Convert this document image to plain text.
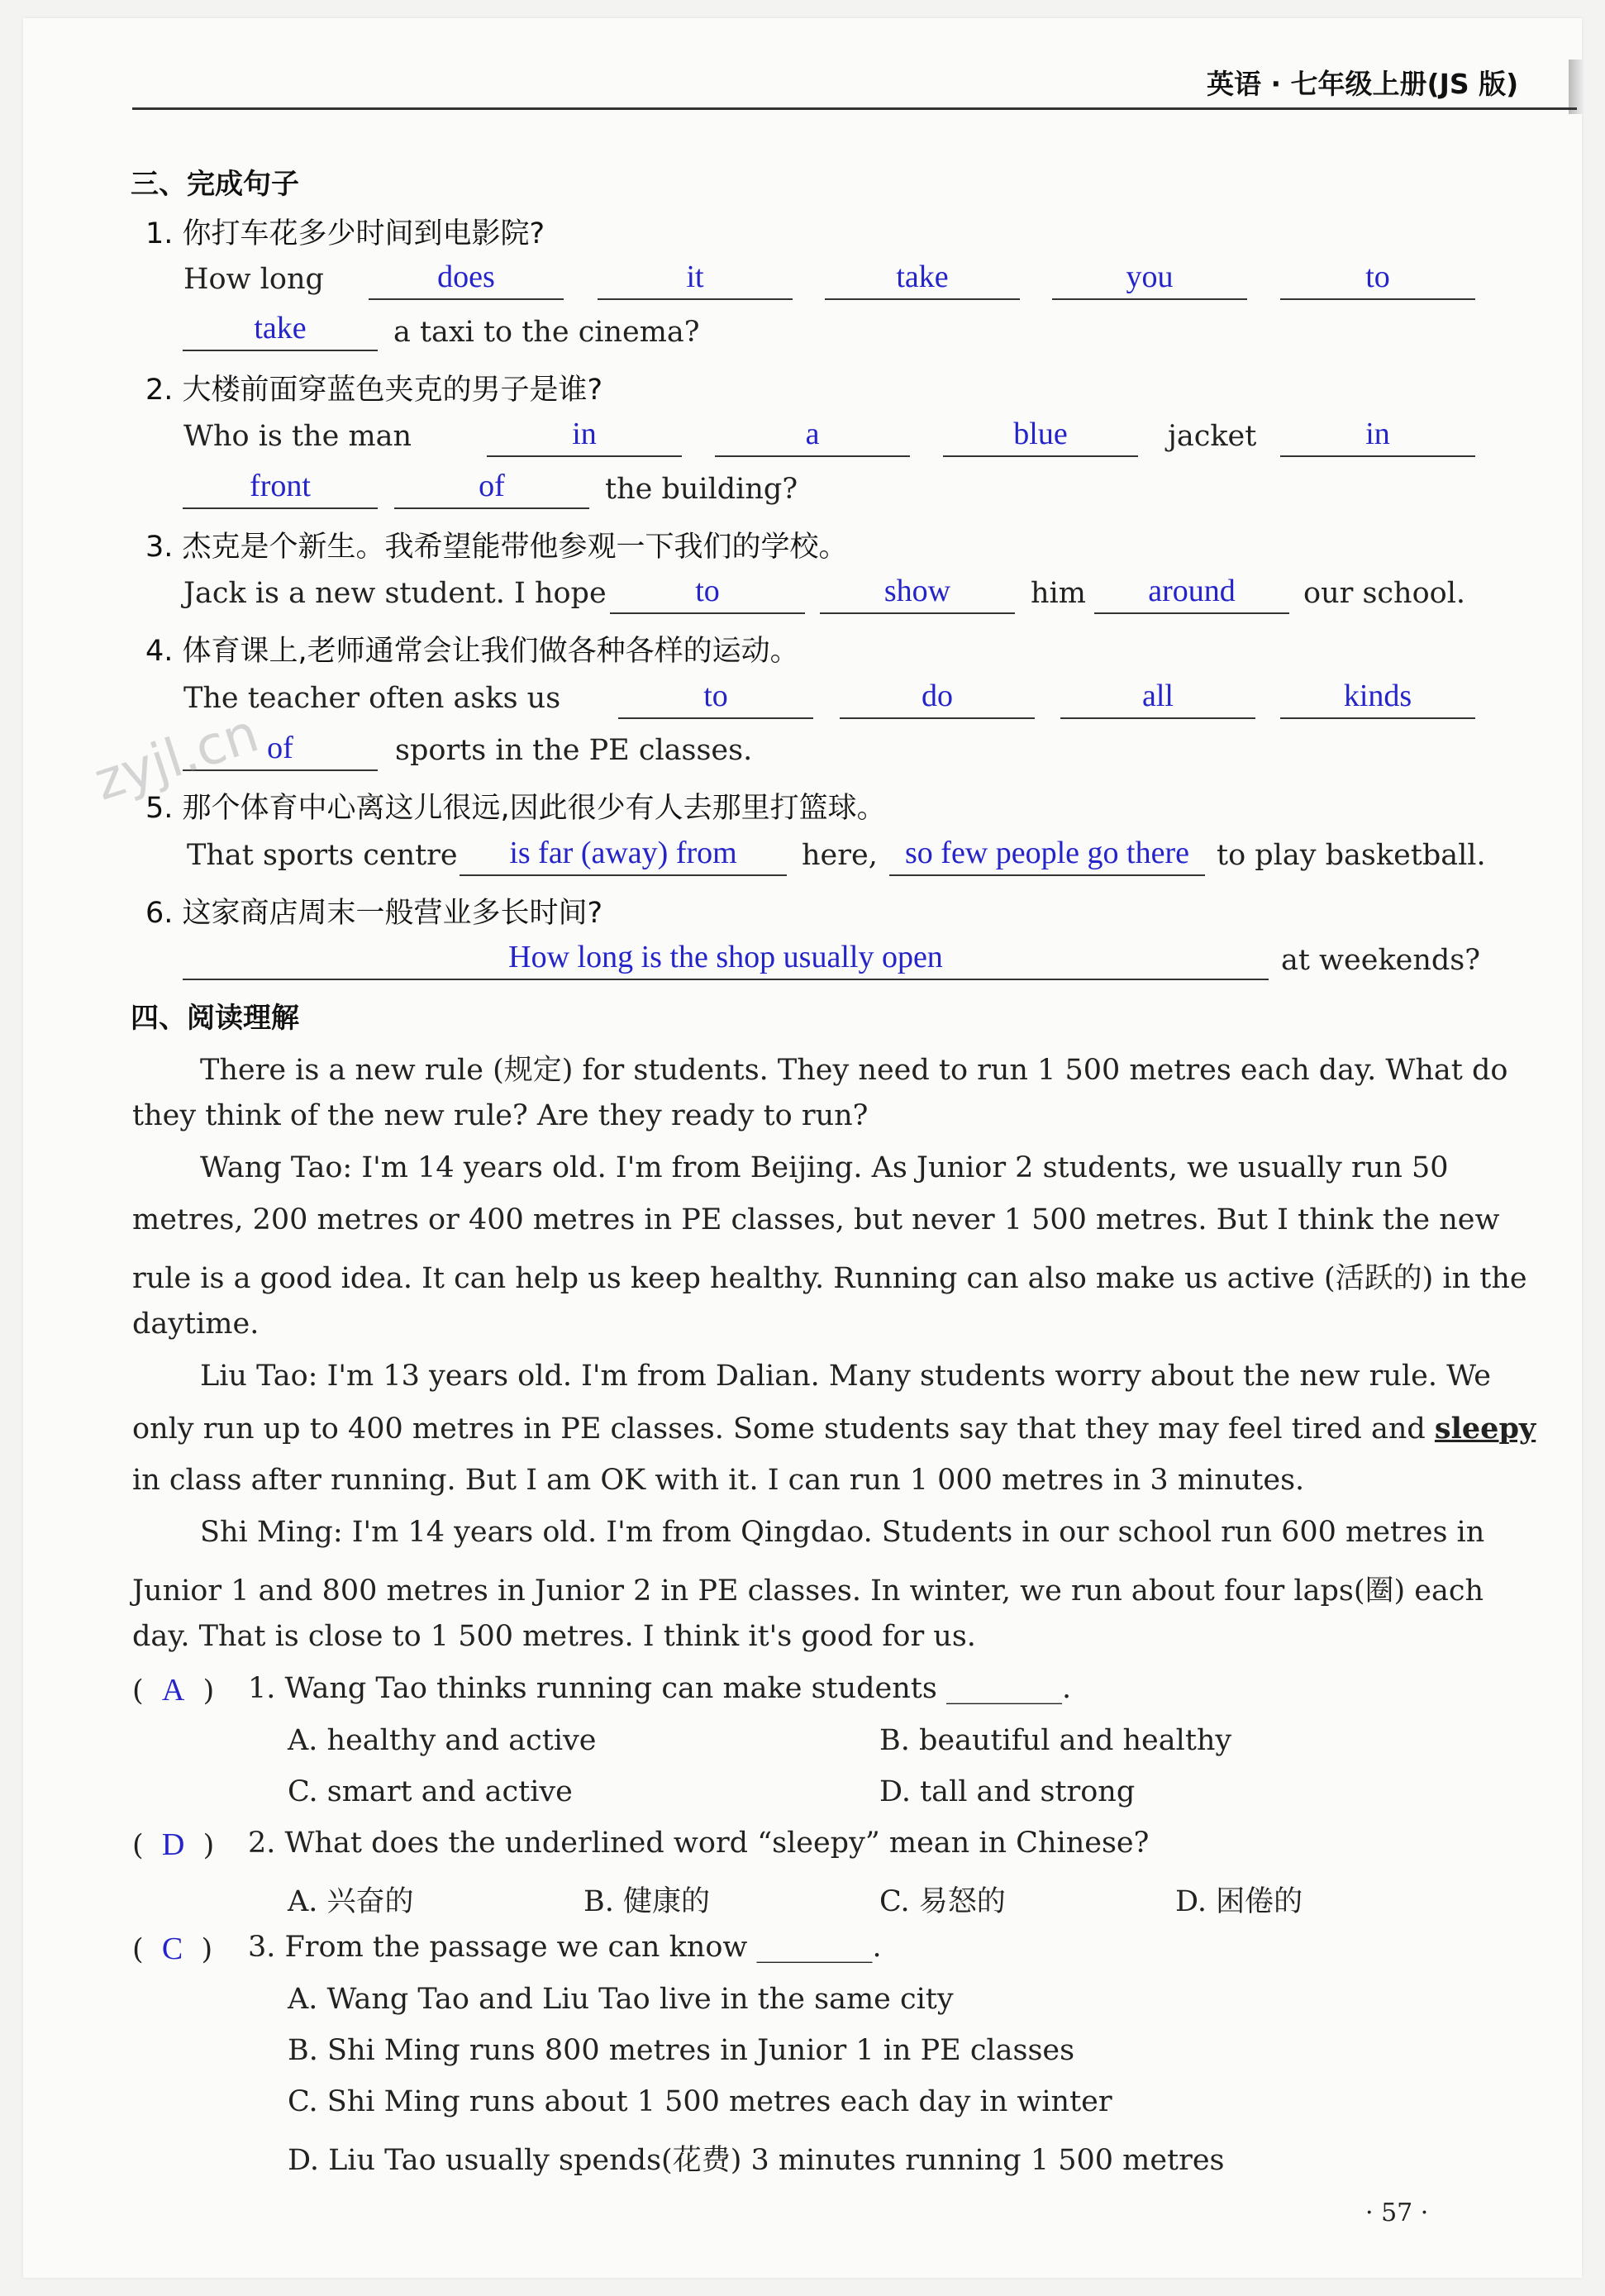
英语 · 七年级上册(JS 版)
三、完成句子
1. 你打车花多少时间到电影院?
How long	does	it	take	you	to
take	a taxi to the cinema?
2. 大楼前面穿蓝色夹克的男子是谁?
Who is the man	in	a	blue	jacket	in
front	of	the building?
3. 杰克是个新生。我希望能带他参观一下我们的学校。
Jack is a new student. I hope	to	show	him	around	our school.
4. 体育课上,老师通常会让我们做各种各样的运动。
The teacher often asks us	to	do	all	kinds
of	sports in the PE classes.
5. 那个体育中心离这儿很远,因此很少有人去那里打篮球。
That sports centre	is far (away) from	here, so few people go there to play basketball.
6. 这家商店周末一般营业多长时间?
How long is the shop usually open	at weekends?
四、阅读理解
There is a new rule (规定) for students. They need to run 1 500 metres each day. What do
they think of the new rule? Are they ready to run?
Wang Tao: I'm 14 years old. I'm from Beijing. As Junior 2 students, we usually run 50
metres, 200 metres or 400 metres in PE classes, but never 1 500 metres. But I think the new
rule is a good idea. It can help us keep healthy. Running can also make us active (活跃的) in the
daytime.
Liu Tao: I'm 13 years old. I'm from Dalian. Many students worry about the new rule. We
only run up to 400 metres in PE classes. Some students say that they may feel tired and sleepy
in class after running. But I am OK with it. I can run 1 000 metres in 3 minutes.
Shi Ming: I'm 14 years old. I'm from Qingdao. Students in our school run 600 metres in
Junior 1 and 800 metres in Junior 2 in PE classes. In winter, we run about four laps(圈) each
day. That is close to 1 500 metres. I think it's good for us.
(  A  ) 1. Wang Tao thinks running can make students ________.
A. healthy and active	B. beautiful and healthy
C. smart and active	D. tall and strong
(  D  ) 2. What does the underlined word “sleepy” mean in Chinese?
A. 兴奋的	B. 健康的	C. 易怒的	D. 困倦的
(  C  ) 3. From the passage we can know ________.
A. Wang Tao and Liu Tao live in the same city
B. Shi Ming runs 800 metres in Junior 1 in PE classes
C. Shi Ming runs about 1 500 metres each day in winter
D. Liu Tao usually spends(花费) 3 minutes running 1 500 metres
zyjl.cn
· 57 ·
